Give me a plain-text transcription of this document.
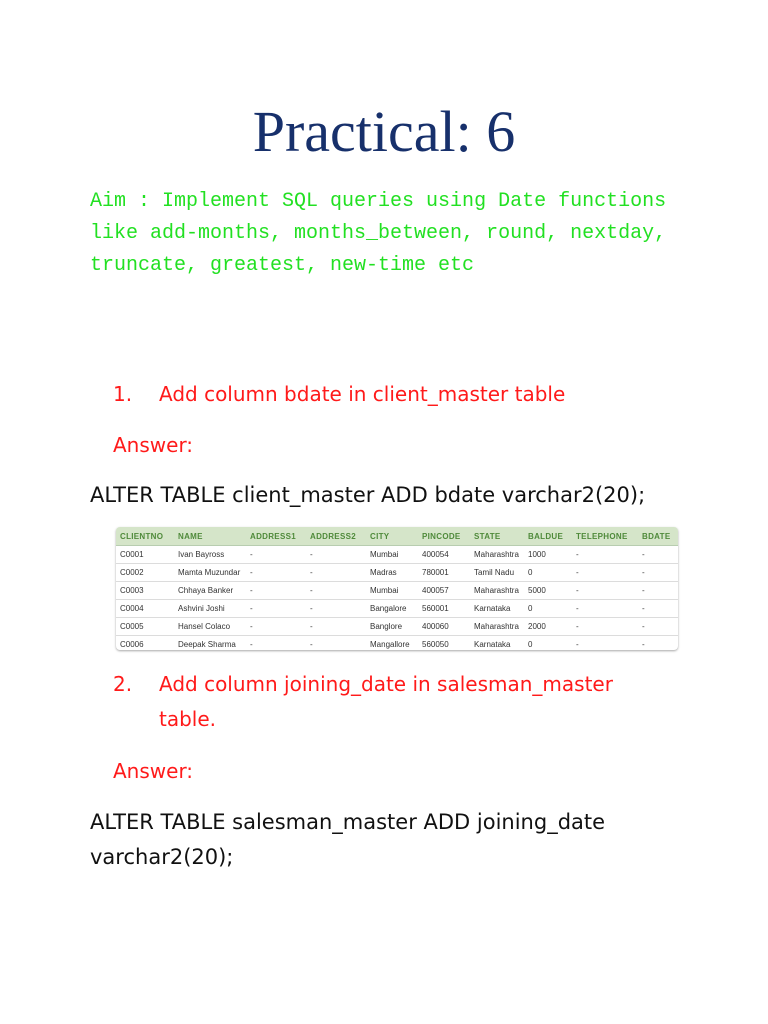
Practical: 6

Aim : Implement SQL queries using Date functions like add-months, months_between, round, nextday, truncate, greatest, new-time etc

1. Add column bdate in client_master table

Answer:

ALTER TABLE client_master ADD bdate varchar2(20);

CLIENTNO	NAME	ADDRESS1	ADDRESS2	CITY	PINCODE	STATE	BALDUE	TELEPHONE	BDATE
C0001	Ivan Bayross	-	-	Mumbai	400054	Maharashtra	1000	-	-
C0002	Mamta Muzundar	-	-	Madras	780001	Tamil Nadu	0	-	-
C0003	Chhaya Banker	-	-	Mumbai	400057	Maharashtra	5000	-	-
C0004	Ashvini Joshi	-	-	Bangalore	560001	Karnataka	0	-	-
C0005	Hansel Colaco	-	-	Banglore	400060	Maharashtra	2000	-	-
C0006	Deepak Sharma	-	-	Mangallore	560050	Karnataka	0	-	-
2. Add column joining_date in salesman_master table.

Answer:

ALTER TABLE salesman_master ADD joining_date varchar2(20);
